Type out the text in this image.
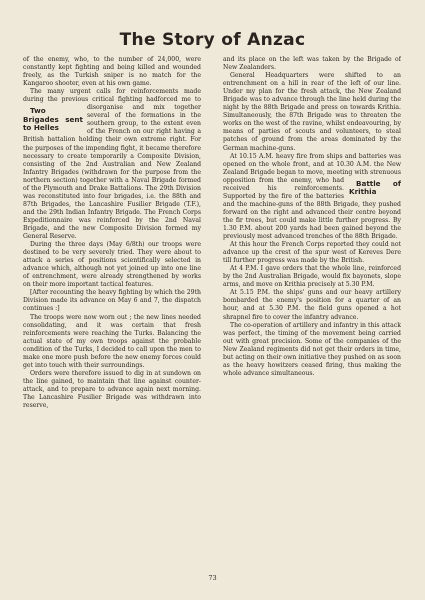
The Story of Anzac

of the enemy, who, to the number of 24,000, were constantly kept fighting and being killed and wounded freely, as the Turkish sniper is no match for the Kangaroo shooter, even at his own game.

The many urgent calls for reinforcements made during the previous critical fighting had
Two Brigades sent to Helles
forced me to disorganise and mix together several of the formations in the southern group, to the extent even of the French on our right having a British battalion holding their own extreme right. For the purposes of the impending fight, it became therefore necessary to create temporarily a Composite Division, consisting of the 2nd Australian and New Zealand Infantry Brigades (withdrawn for the purpose from the northern section) together with a Naval Brigade formed of the Plymouth and Drake Battalions. The 29th Division was reconstituted into four brigades, i.e. the 88th and 87th Brigades, the Lancashire Fusilier Brigade (T.F.), and the 29th Indian Infantry Brigade. The French Corps Expeditionnaire was reinforced by the 2nd Naval Brigade, and the new Composite Division formed my General Reserve.

During the three days (May 6/8th) our troops were destined to be very severely tried. They were about to attack a series of positions scientifically selected in advance which, although not yet joined up into one line of entrenchment, were already strengthened by works on their more important tactical features.

[After recounting the heavy fighting by which the 29th Division made its advance on May 6 and 7, the dispatch continues :]

The troops were now worn out ; the new lines needed consolidating, and it was certain that fresh reinforcements were reaching the Turks. Balancing the actual state of my own troops against the probable condition of the Turks, I decided to call upon the men to make one more push before the new enemy forces could get into touch with their surroundings.

Orders were therefore issued to dig in at sundown on the line gained, to maintain that line against counter-attack, and to prepare to advance again next morning. The Lancashire Fusilier Brigade was withdrawn into reserve,

and its place on the left was taken by the Brigade of New Zealanders.

General Headquarters were shifted to an entrenchment on a hill in rear of the left of our line. Under my plan for the fresh attack, the New Zealand Brigade was to advance through the line held during the night by the 88th Brigade and press on towards Krithia. Simultaneously, the 87th Brigade was to threaten the works on the west of the ravine, whilst endeavouring, by means of parties of scouts and volunteers, to steal patches of ground from the areas dominated by the German machine-guns.

At 10.15 A.M. heavy fire from ships and batteries was opened on the whole front, and at 10.30 A.M. the New Zealand Brigade began to move, meeting with strenuous opposition	Battle of Krithia
from the enemy, who had received his reinforcements. Supported by the fire of the batteries and the machine-guns of the 88th Brigade, they pushed forward on the right and advanced their centre beyond the fir trees, but could make little further progress. By 1.30 P.M. about 200 yards had been gained beyond the previously most advanced trenches of the 88th Brigade.

At this hour the French Corps reported they could not advance up the crest of the spur west of Kereves Dere till further progress was made by the British.

At 4 P.M. I gave orders that the whole line, reinforced by the 2nd Australian Brigade, would fix bayonets, slope arms, and move on Krithia precisely at 5.30 P.M.

At 5.15 P.M. the ships' guns and our heavy artillery bombarded the enemy's position for a quarter of an hour, and at 5.30 P.M. the field guns opened a hot shrapnel fire to cover the infantry advance.

The co-operation of artillery and infantry in this attack was perfect, the timing of the movement being carried out with great precision. Some of the companies of the New Zealand regiments did not get their orders in time, but acting on their own initiative they pushed on as soon as the heavy howitzers ceased firing, thus making the whole advance simultaneous.

73
